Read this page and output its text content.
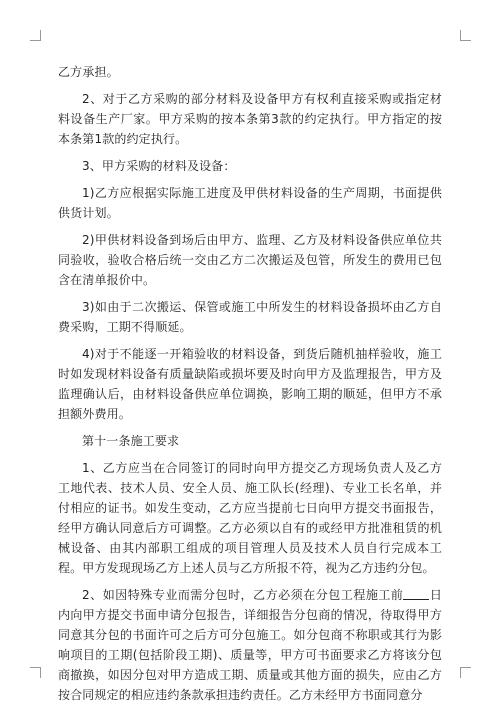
乙方承担。

2、对于乙方采购的部分材料及设备甲方有权利直接采购或指定材料设备生产厂家。甲方采购的按本条第3款的约定执行。甲方指定的按本条第1款的约定执行。

3、甲方采购的材料及设备：

1)乙方应根据实际施工进度及甲供材料设备的生产周期，书面提供供货计划。

2)甲供材料设备到场后由甲方、监理、乙方及材料设备供应单位共同验收，验收合格后统一交由乙方二次搬运及包管，所发生的费用已包含在清单报价中。

3)如由于二次搬运、保管或施工中所发生的材料设备损坏由乙方自费采购，工期不得顺延。

4)对于不能逐一开箱验收的材料设备，到货后随机抽样验收，施工时如发现材料设备有质量缺陷或损坏要及时向甲方及监理报告，甲方及监理确认后，由材料设备供应单位调换，影响工期的顺延，但甲方不承担额外费用。

第十一条施工要求

1、乙方应当在合同签订的同时向甲方提交乙方现场负责人及乙方工地代表、技术人员、安全人员、施工队长(经理)、专业工长名单，并付相应的证书。如发生变动，乙方应当提前七日向甲方提交书面报告，经甲方确认同意后方可调整。乙方必须以自有的或经甲方批准租赁的机械设备、由其内部职工组成的项目管理人员及技术人员自行完成本工程。甲方发现现场乙方上述人员与乙方所报不符，视为乙方违约分包。

2、如因特殊专业而需分包时，乙方必须在分包工程施工前 日内向甲方提交书面申请分包报告，详细报告分包商的情况，待取得甲方同意其分包的书面许可之后方可分包施工。如分包商不称职或其行为影响项目的工期(包括阶段工期)、质量等，甲方可书面要求乙方将该分包商撤换，如因分包对甲方造成工期、质量或其他方面的损失，应由乙方按合同规定的相应违约条款承担违约责任。乙方未经甲方书面同意分
